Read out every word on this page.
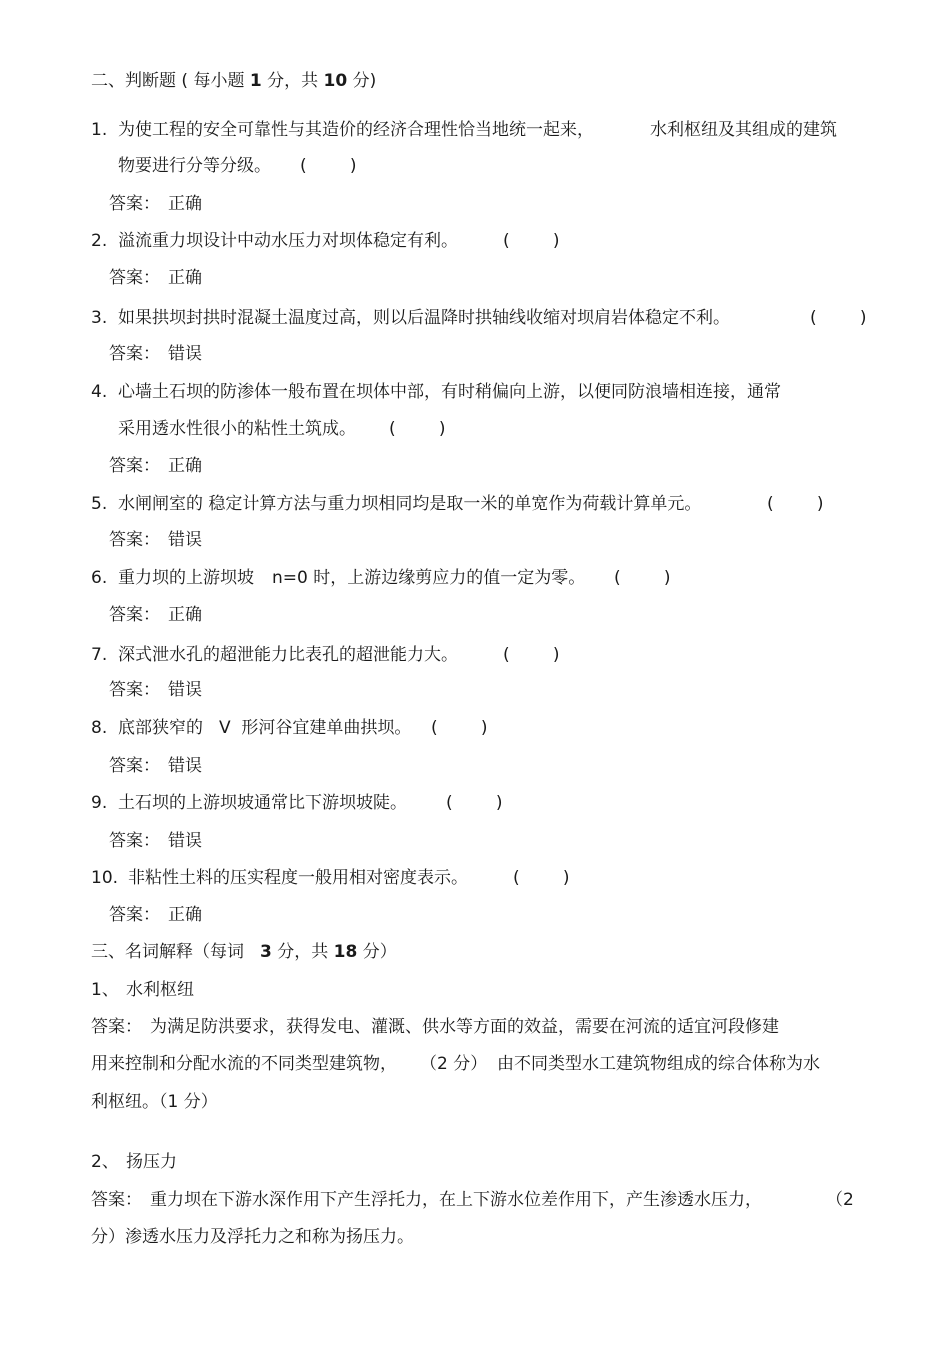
二、判断题 ( 每小题 1 分，共 10 分)
1. 为使工程的安全可靠性与其造价的经济合理性恰当地统一起来，	水利枢纽及其组成的建筑
物要进行分等分级。 (        )
答案： 正确
2. 溢流重力坝设计中动水压力对坝体稳定有利。	(        )
答案： 正确
3. 如果拱坝封拱时混凝土温度过高，则以后温降时拱轴线收缩对坝肩岩体稳定不利。	(        )
答案： 错误
4. 心墙土石坝的防渗体一般布置在坝体中部，有时稍偏向上游，以便同防浪墙相连接，通常
采用透水性很小的粘性土筑成。 (        )
答案： 正确
5. 水闸闸室的 稳定计算方法与重力坝相同均是取一米的单宽作为荷载计算单元。	(        )
答案： 错误
6. 重力坝的上游坝坡 n=0 时，上游边缘剪应力的值一定为零。 (        )
答案： 正确
7. 深式泄水孔的超泄能力比表孔的超泄能力大。	(        )
答案： 错误
8. 底部狭窄的 V  形河谷宜建单曲拱坝。 (        )
答案： 错误
9. 土石坝的上游坝坡通常比下游坝坡陡。 (        )
答案： 错误
10. 非粘性土料的压实程度一般用相对密度表示。	(        )
答案： 正确
三、名词解释（每词 3 分，共 18 分）
1、 水利枢纽
答案： 为满足防洪要求，获得发电、灌溉、供水等方面的效益，需要在河流的适宜河段修建
用来控制和分配水流的不同类型建筑物， （2 分） 由不同类型水工建筑物组成的综合体称为水
利枢纽。（1 分）
2、 扬压力
答案： 重力坝在下游水深作用下产生浮托力，在上下游水位差作用下，产生渗透水压力，	（2
分）渗透水压力及浮托力之和称为扬压力。
